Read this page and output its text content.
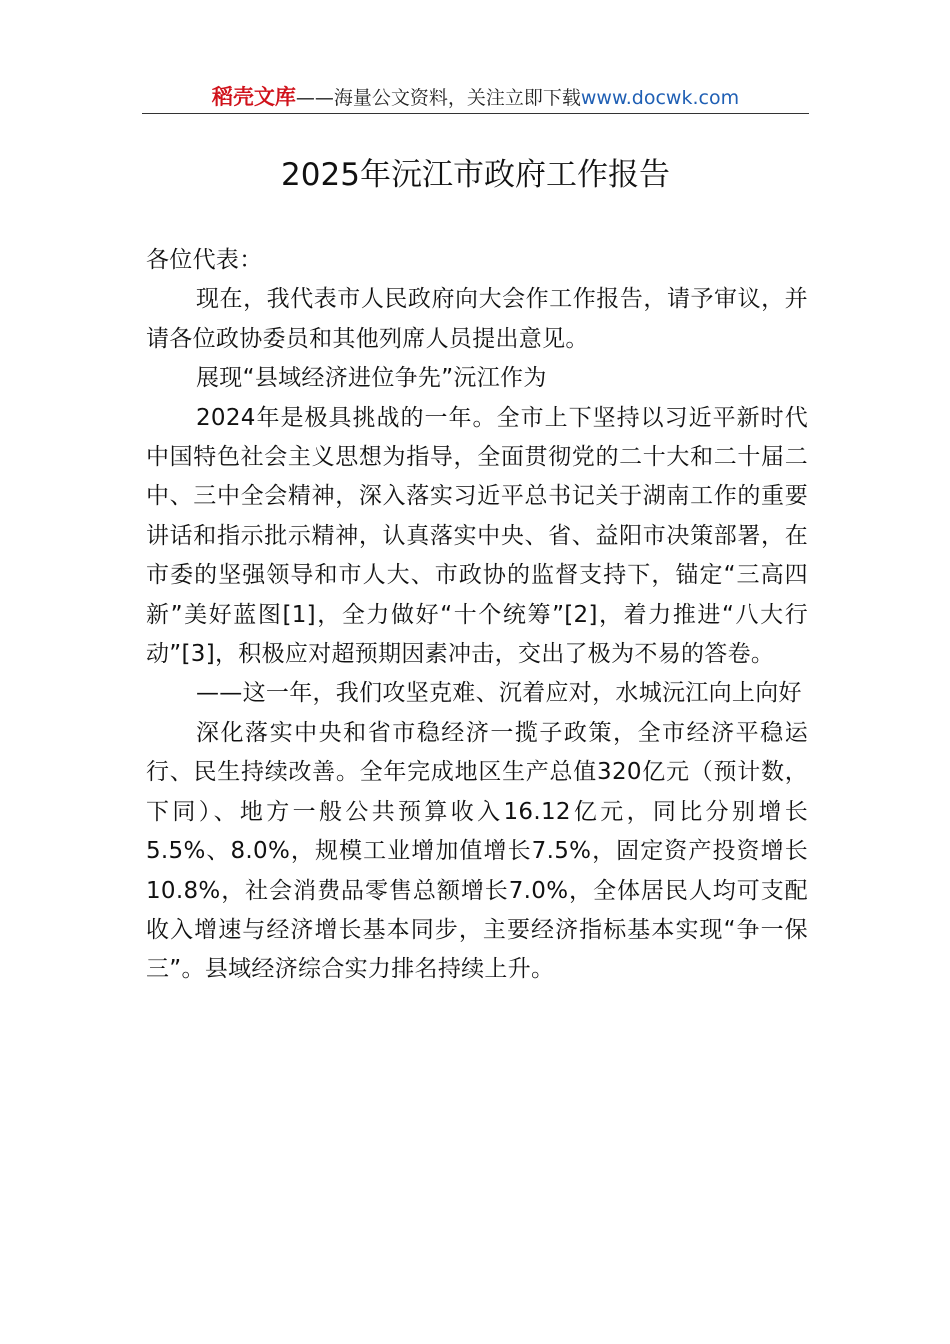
稻壳文库——海量公文资料，关注立即下载www.docwk.com
2025年沅江市政府工作报告

各位代表：

现在，我代表市人民政府向大会作工作报告，请予审议，并请各位政协委员和其他列席人员提出意见。

展现“县域经济进位争先”沅江作为

2024年是极具挑战的一年。全市上下坚持以习近平新时代中国特色社会主义思想为指导，全面贯彻党的二十大和二十届二中、三中全会精神，深入落实习近平总书记关于湖南工作的重要讲话和指示批示精神，认真落实中央、省、益阳市决策部署，在市委的坚强领导和市人大、市政协的监督支持下，锚定“三高四新”美好蓝图[1]，全力做好“十个统筹”[2]，着力推进“八大行动”[3]，积极应对超预期因素冲击，交出了极为不易的答卷。

——这一年，我们攻坚克难、沉着应对，水城沅江向上向好

深化落实中央和省市稳经济一揽子政策，全市经济平稳运行、民生持续改善。全年完成地区生产总值320亿元（预计数，下同）、地方一般公共预算收入16.12亿元，同比分别增长5.5%、8.0%，规模工业增加值增长7.5%，固定资产投资增长10.8%，社会消费品零售总额增长7.0%，全体居民人均可支配收入增速与经济增长基本同步，主要经济指标基本实现“争一保三”。县域经济综合实力排名持续上升。
